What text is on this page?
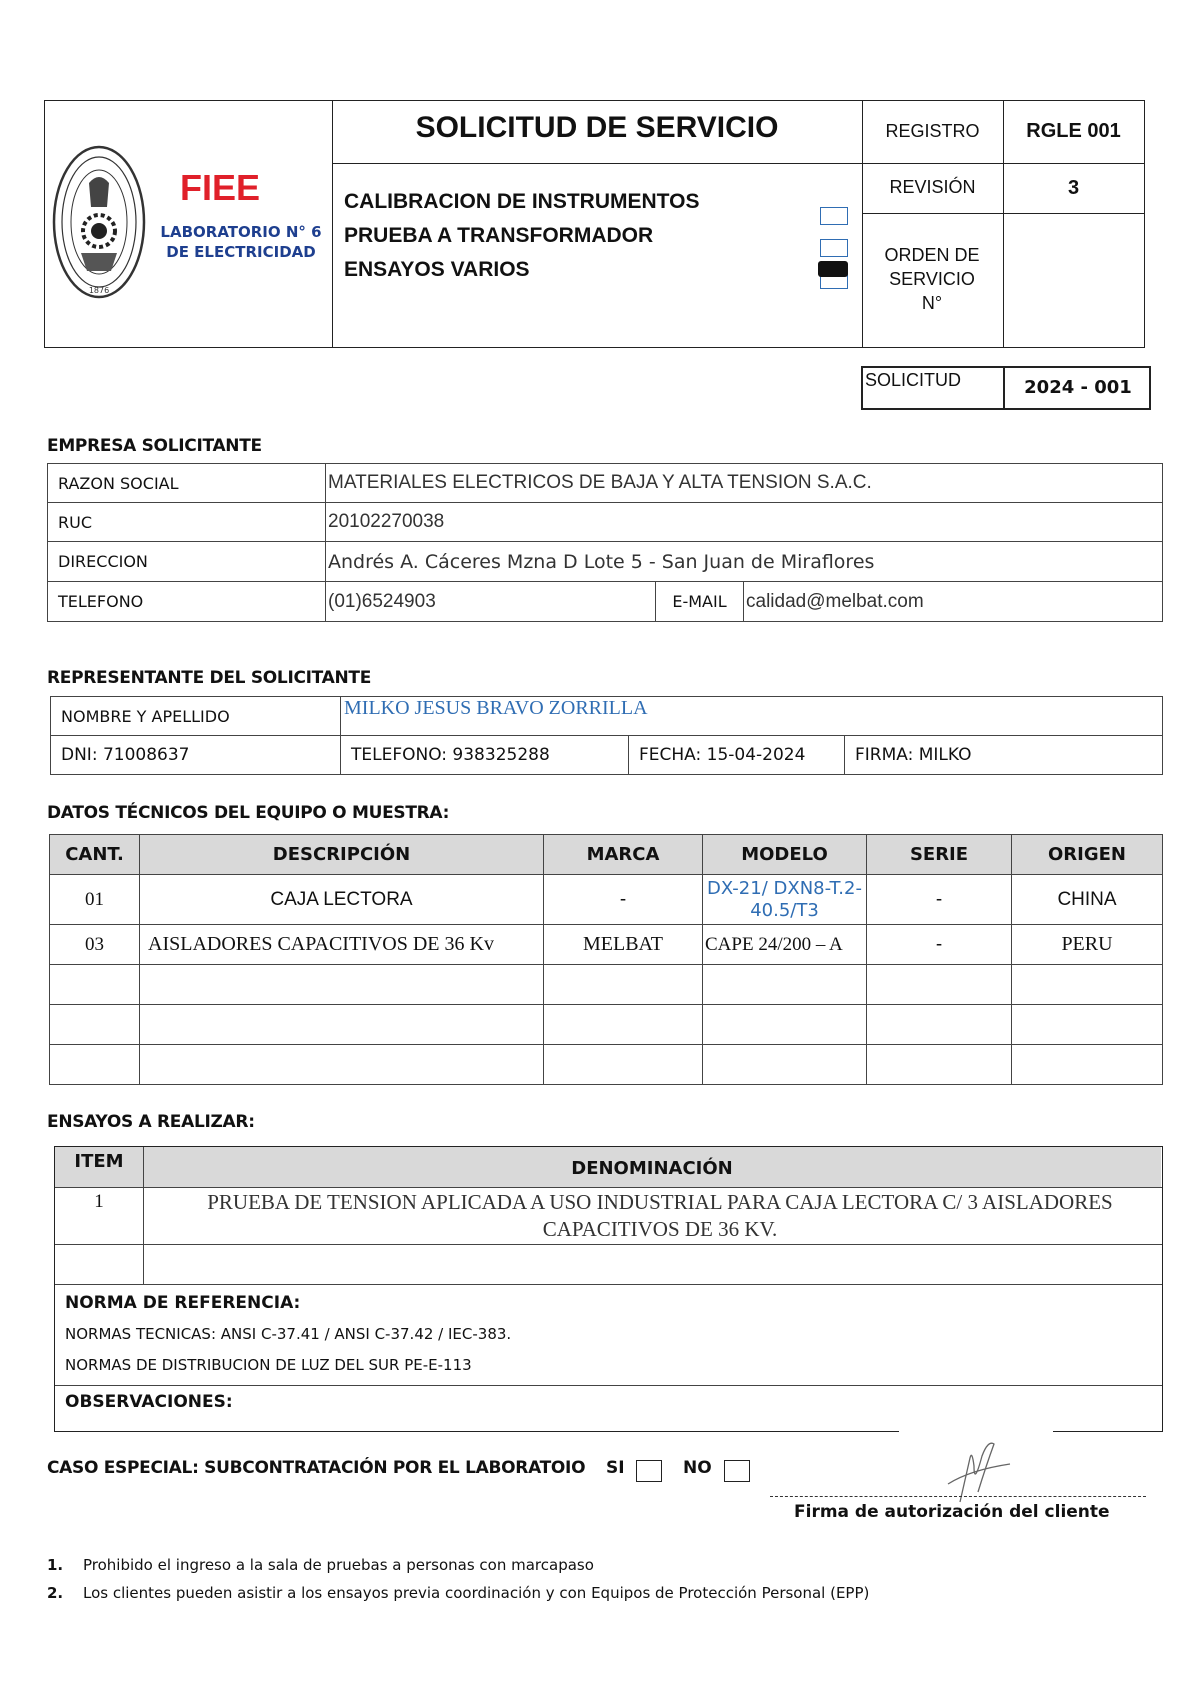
1876
FIEE
LABORATORIO N° 6
DE ELECTRICIDAD
SOLICITUD DE SERVICIO
CALIBRACION DE INSTRUMENTOS
PRUEBA A TRANSFORMADOR
ENSAYOS VARIOS
REGISTRO	RGLE 001
REVISIÓN	3
ORDEN DE SERVICIO N°
SOLICITUD	2024 - 001
EMPRESA SOLICITANTE
RAZON SOCIAL	MATERIALES ELECTRICOS DE BAJA Y ALTA TENSION S.A.C.		
RUC	20102270038		
DIRECCION	Andrés A. Cáceres Mzna D Lote 5 - San Juan de Miraflores		
TELEFONO	(01)6524903	E-MAIL	calidad@melbat.com
REPRESENTANTE DEL SOLICITANTE
NOMBRE Y APELLIDO	MILKO JESUS BRAVO ZORRILLA		
DNI: 71008637	TELEFONO: 938325288	FECHA: 15-04-2024	FIRMA: MILKO
DATOS TÉCNICOS DEL EQUIPO O MUESTRA:
CANT.	DESCRIPCIÓN	MARCA	MODELO	SERIE	ORIGEN
01	CAJA LECTORA	-	DX-21/ DXN8-T.2-40.5/T3	-	CHINA
03	AISLADORES CAPACITIVOS DE 36 Kv	MELBAT	CAPE 24/200 – A	-	PERU

ENSAYOS A REALIZAR:
ITEM	DENOMINACIÓN
1	PRUEBA DE TENSION APLICADA A USO INDUSTRIAL PARA CAJA LECTORA C/ 3 AISLADORES CAPACITIVOS DE 36 KV.
NORMA DE REFERENCIA:
NORMAS TECNICAS: ANSI C-37.41 / ANSI C-37.42 / IEC-383.
NORMAS DE DISTRIBUCION DE LUZ DEL SUR PE-E-113
OBSERVACIONES:
CASO ESPECIAL: SUBCONTRATACIÓN POR EL LABORATOIO SI	NO
Firma de autorización del cliente
1. Prohibido el ingreso a la sala de pruebas a personas con marcapaso
2. Los clientes pueden asistir a los ensayos previa coordinación y con Equipos de Protección Personal (EPP)
